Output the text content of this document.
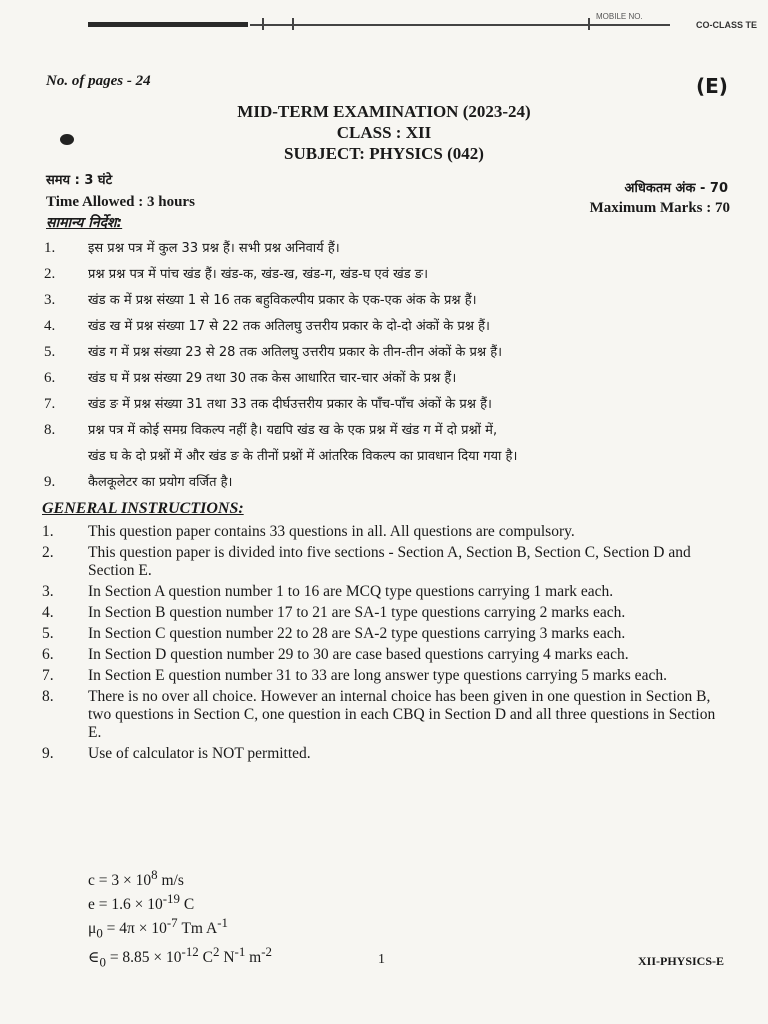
MOBILE NO.
CO-CLASS TE
No. of pages - 24	(E)
MID-TERM EXAMINATION (2023-24)
CLASS : XII
SUBJECT: PHYSICS (042)
समय : 3 घंटे
Time Allowed : 3 hours
सामान्य निर्देश:
अधिकतम अंक - 70
Maximum Marks : 70
1.	इस प्रश्न पत्र में कुल 33 प्रश्न हैं। सभी प्रश्न अनिवार्य हैं।
2.	प्रश्न प्रश्न पत्र में पांच खंड हैं। खंड-क, खंड-ख, खंड-ग, खंड-घ एवं खंड ङ।
3.	खंड क में प्रश्न संख्या 1 से 16 तक बहुविकल्पीय प्रकार के एक-एक अंक के प्रश्न हैं।
4.	खंड ख में प्रश्न संख्या 17 से 22 तक अतिलघु उत्तरीय प्रकार के दो-दो अंकों के प्रश्न हैं।
5.	खंड ग में प्रश्न संख्या 23 से 28 तक अतिलघु उत्तरीय प्रकार के तीन-तीन अंकों के प्रश्न हैं।
6.	खंड घ में प्रश्न संख्या 29 तथा 30 तक केस आधारित चार-चार अंकों के प्रश्न हैं।
7.	खंड ङ में प्रश्न संख्या 31 तथा 33 तक दीर्घउत्तरीय प्रकार के पाँच-पाँच अंकों के प्रश्न हैं।
8.	प्रश्न पत्र में कोई समग्र विकल्प नहीं है। यद्यपि खंड ख के एक प्रश्न में खंड ग में दो प्रश्नों में,
खंड घ के दो प्रश्नों में और खंड ङ के तीनों प्रश्नों में आंतरिक विकल्प का प्रावधान दिया गया है।
9.	कैलकूलेटर का प्रयोग वर्जित है।
GENERAL INSTRUCTIONS:
1.	This question paper contains 33 questions in all. All questions are compulsory.
2.	This question paper is divided into five sections - Section A, Section B, Section C, Section D and Section E.
3.	In Section A question number 1 to 16 are MCQ type questions carrying 1 mark each.
4.	In Section B question number 17 to 21 are SA-1 type questions carrying 2 marks each.
5.	In Section C question number 22 to 28 are SA-2 type questions carrying 3 marks each.
6.	In Section D question number 29 to 30 are case based questions carrying 4 marks each.
7.	In Section E question number 31 to 33 are long answer type questions carrying 5 marks each.
8.	There is no over all choice. However an internal choice has been given in one question in Section B, two questions in Section C, one question in each CBQ in Section D and all three questions in Section E.
9.	Use of calculator is NOT permitted.
$c = 3 \times 10^8$ m/s
$e = 1.6 \times 10^{-19}$ C
$\mu_0 = 4\pi \times 10^{-7}$ Tm $A^{-1}$
$\in_0 = 8.85 \times 10^{-12}$ $C^2$ $N^{-1}$ $m^{-2}$
1	XII-PHYSICS-E
